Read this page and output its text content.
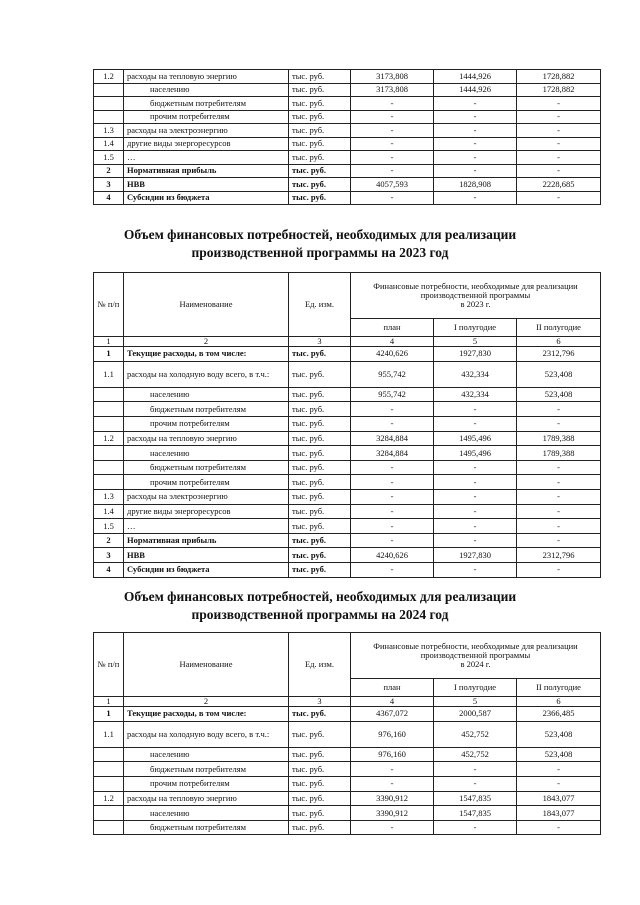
1.2	расходы на тепловую энергию	тыс. руб.	3173,808	1444,926	1728,882
	населению	тыс. руб.	3173,808	1444,926	1728,882
	бюджетным потребителям	тыс. руб.	-	-	-
	прочим потребителям	тыс. руб.	-	-	-
1.3	расходы на электроэнергию	тыс. руб.	-	-	-
1.4	другие виды энергоресурсов	тыс. руб.	-	-	-
1.5	…	тыс. руб.	-	-	-
2	Нормативная прибыль	тыс. руб.	-	-	-
3	НВВ	тыс. руб.	4057,593	1828,908	2228,685
4	Субсидии из бюджета	тыс. руб.	-	-	-
Объем финансовых потребностей, необходимых для реализации
производственной программы на 2023 год
№ п/п	Наименование	Ед. изм.	Финансовые потребности, необходимые для реализации производственной программы
в 2023 г.		

			план	I полугодие	II полугодие
1	2	3	4	5	6
1	Текущие расходы, в том числе:	тыс. руб.	4240,626	1927,830	2312,796
1.1	расходы на холодную воду всего, в т.ч.:	тыс. руб.	955,742	432,334	523,408
	населению	тыс. руб.	955,742	432,334	523,408
	бюджетным потребителям	тыс. руб.	-	-	-
	прочим потребителям	тыс. руб.	-	-	-
1.2	расходы на тепловую энергию	тыс. руб.	3284,884	1495,496	1789,388
	населению	тыс. руб.	3284,884	1495,496	1789,388
	бюджетным потребителям	тыс. руб.	-	-	-
	прочим потребителям	тыс. руб.	-	-	-
1.3	расходы на электроэнергию	тыс. руб.	-	-	-
1.4	другие виды энергоресурсов	тыс. руб.	-	-	-
1.5	…	тыс. руб.	-	-	-
2	Нормативная прибыль	тыс. руб.	-	-	-
3	НВВ	тыс. руб.	4240,626	1927,830	2312,796
4	Субсидии из бюджета	тыс. руб.	-	-	-
Объем финансовых потребностей, необходимых для реализации
производственной программы на 2024 год
№ п/п	Наименование	Ед. изм.	Финансовые потребности, необходимые для реализации производственной программы
в 2024 г.		

			план	I полугодие	II полугодие
1	2	3	4	5	6
1	Текущие расходы, в том числе:	тыс. руб.	4367,072	2000,587	2366,485
1.1	расходы на холодную воду всего, в т.ч.:	тыс. руб.	976,160	452,752	523,408
	населению	тыс. руб.	976,160	452,752	523,408
	бюджетным потребителям	тыс. руб.	-	-	-
	прочим потребителям	тыс. руб.	-	-	-
1.2	расходы на тепловую энергию	тыс. руб.	3390,912	1547,835	1843,077
	населению	тыс. руб.	3390,912	1547,835	1843,077
	бюджетным потребителям	тыс. руб.	-	-	-
